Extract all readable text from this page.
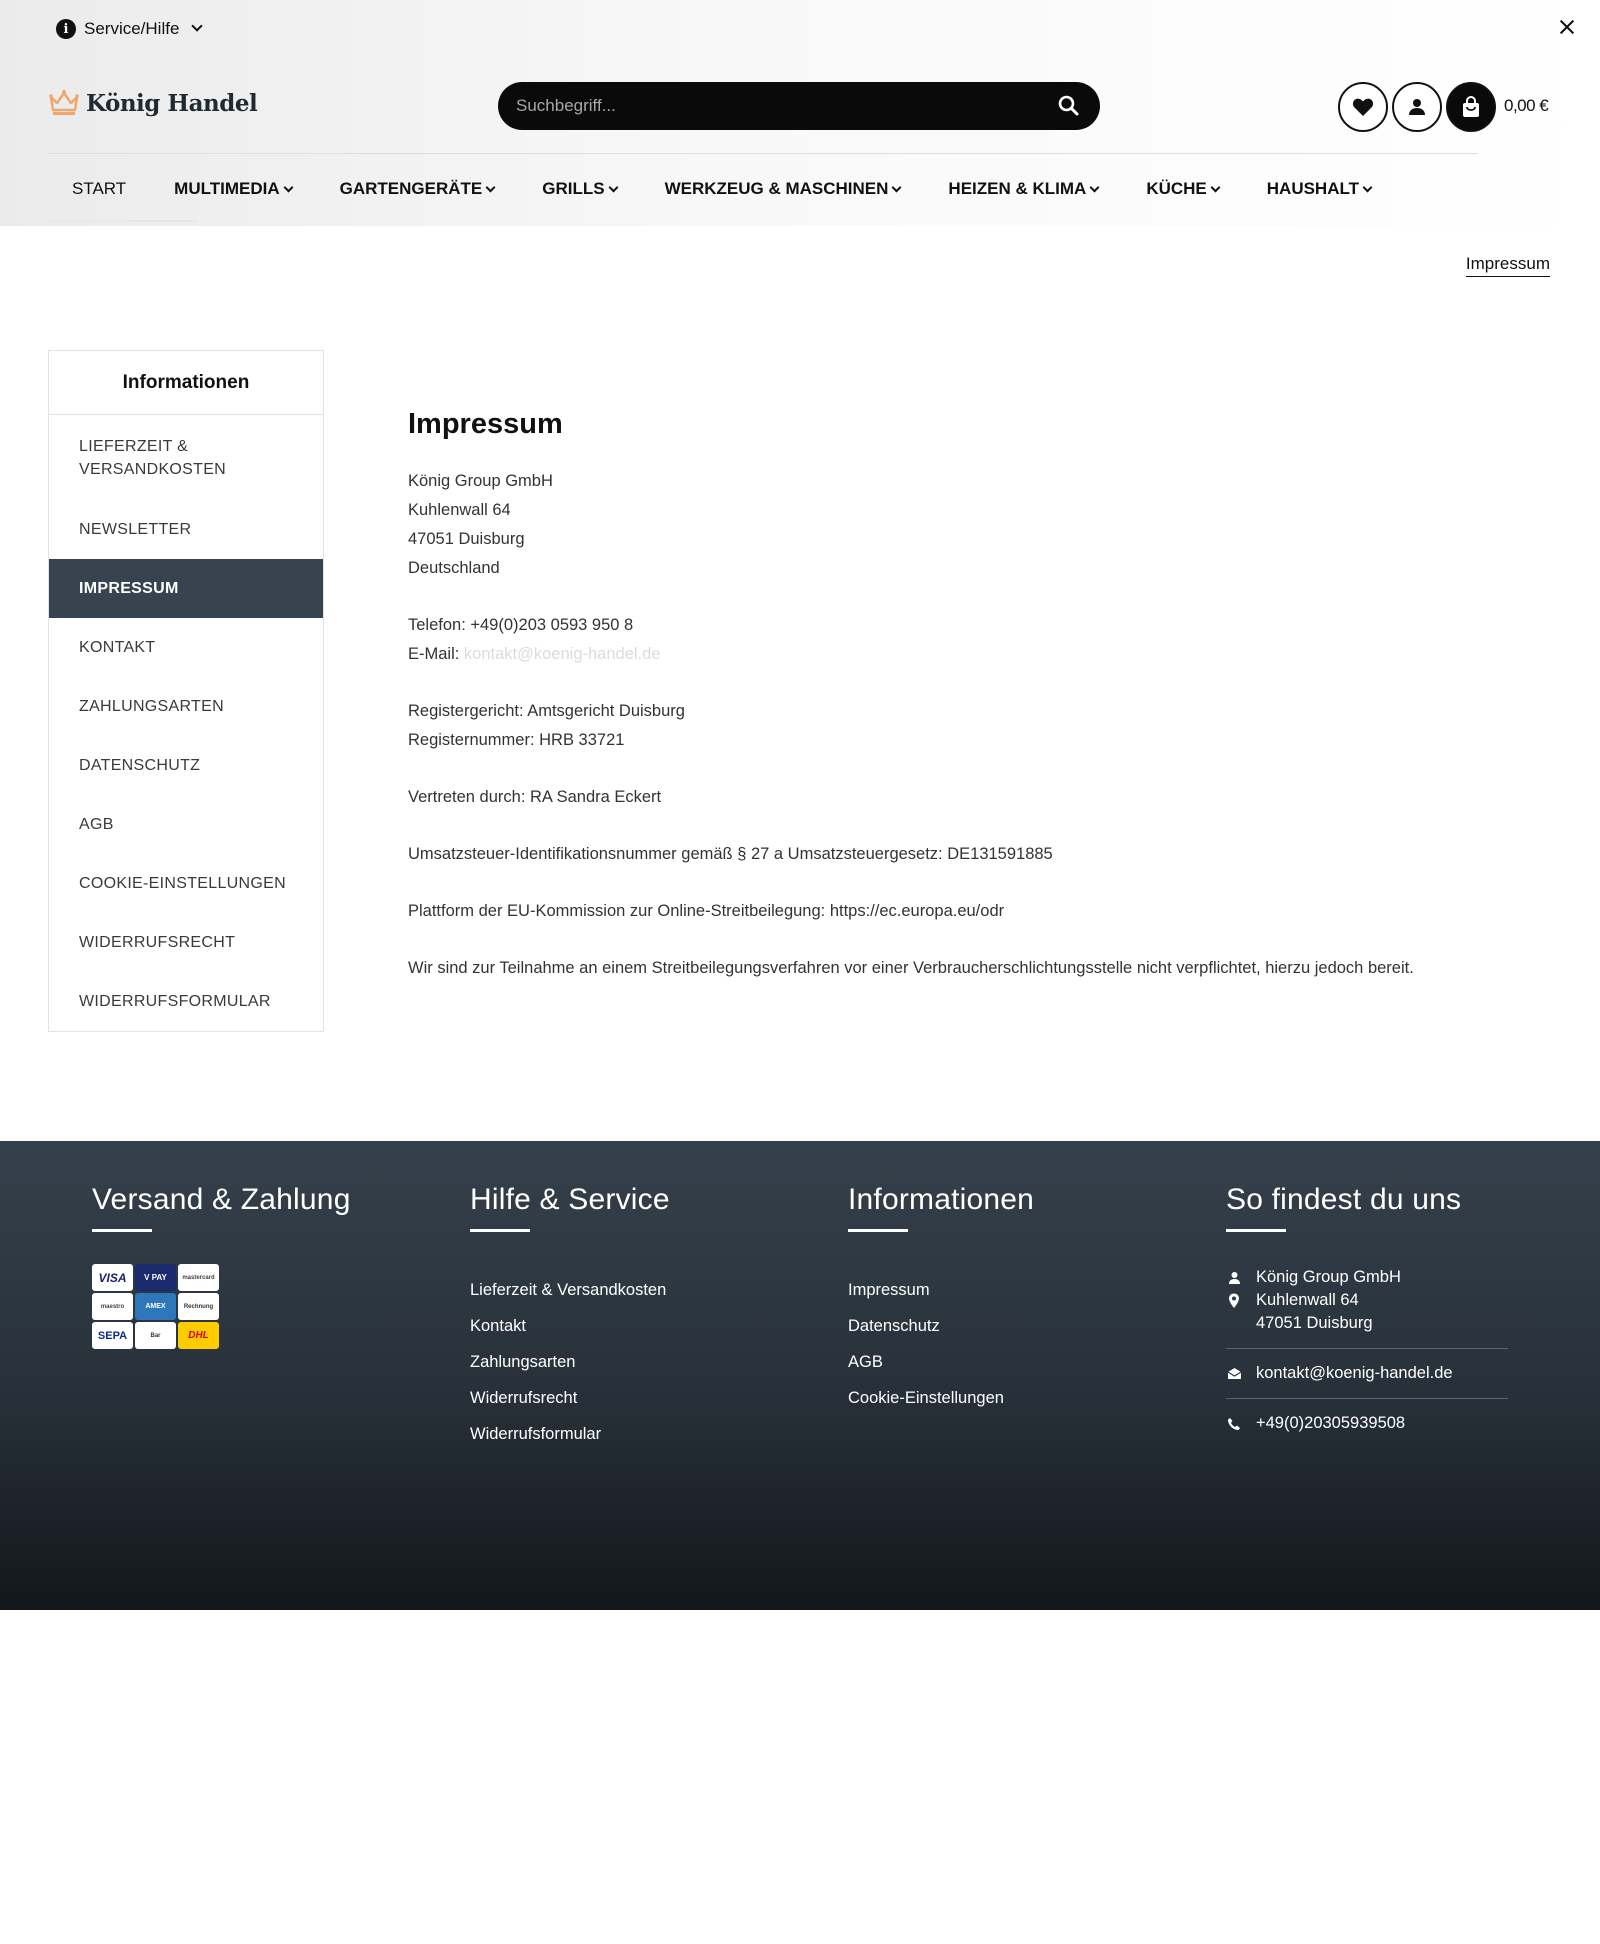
i Service/Hilfe
König Handel
Suchbegriff...	0,00 €
START	MULTIMEDIA	GARTENGERÄTE	GRILLS	WERKZEUG & MASCHINEN	HEIZEN & KLIMA	KÜCHE	HAUSHALT
Impressum
Informationen
LIEFERZEIT & VERSANDKOSTEN
NEWSLETTER
IMPRESSUM
KONTAKT
ZAHLUNGSARTEN
DATENSCHUTZ
AGB
COOKIE-EINSTELLUNGEN
WIDERRUFSRECHT
WIDERRUFSFORMULAR
Impressum

König Group GmbH

Kuhlenwall 64

47051 Duisburg

Deutschland

Telefon: +49(0)203 0593 950 8

E-Mail: kontakt@koenig-handel.de

Registergericht: Amtsgericht Duisburg

Registernummer: HRB 33721

Vertreten durch: RA Sandra Eckert

Umsatzsteuer-Identifikationsnummer gemäß § 27 a Umsatzsteuergesetz: DE131591885

Plattform der EU-Kommission zur Online-Streitbeilegung: https://ec.europa.eu/odr

Wir sind zur Teilnahme an einem Streitbeilegungsverfahren vor einer Verbraucherschlichtungsstelle nicht verpflichtet, hierzu jedoch bereit.

Versand & Zahlung
VISA	V PAY	mastercard
maestro	AMEX	Rechnung
SEPA	Bar	DHL
Hilfe & Service
Lieferzeit & Versandkosten
Kontakt
Zahlungsarten
Widerrufsrecht
Widerrufsformular
Informationen
Impressum
Datenschutz
AGB
Cookie-Einstellungen
So findest du uns
König Group GmbH
Kuhlenwall 64
47051 Duisburg
kontakt@koenig-handel.de
+49(0)20305939508
